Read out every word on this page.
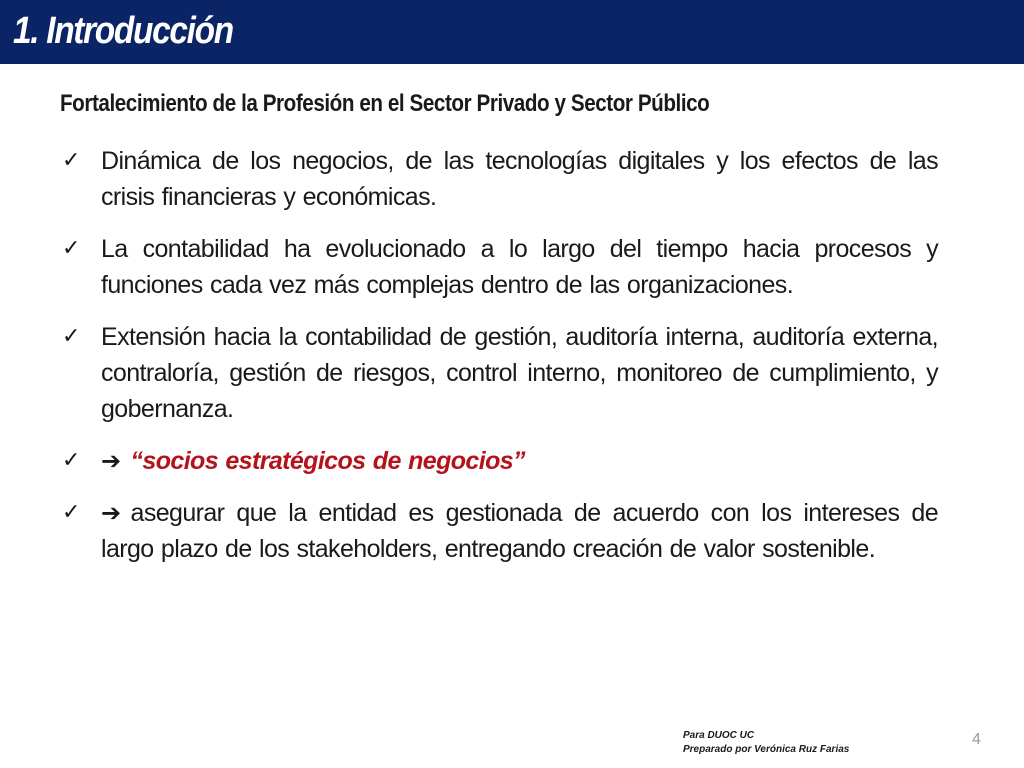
1. Introducción
Fortalecimiento de la Profesión en el Sector Privado y Sector Público
✓ Dinámica de los negocios, de las tecnologías digitales y los efectos de las crisis financieras y económicas.
✓ La contabilidad ha evolucionado a lo largo del tiempo hacia procesos y funciones cada vez más complejas dentro de las organizaciones.
✓ Extensión hacia la contabilidad de gestión, auditoría interna, auditoría externa, contraloría, gestión de riesgos, control interno, monitoreo de cumplimiento, y gobernanza.
✓ ➔ “socios estratégicos de negocios”
✓ ➔ asegurar que la entidad es gestionada de acuerdo con los intereses de largo plazo de los stakeholders, entregando creación de valor sostenible.
Para DUOC UC
Preparado por Verónica Ruz Farias
4
